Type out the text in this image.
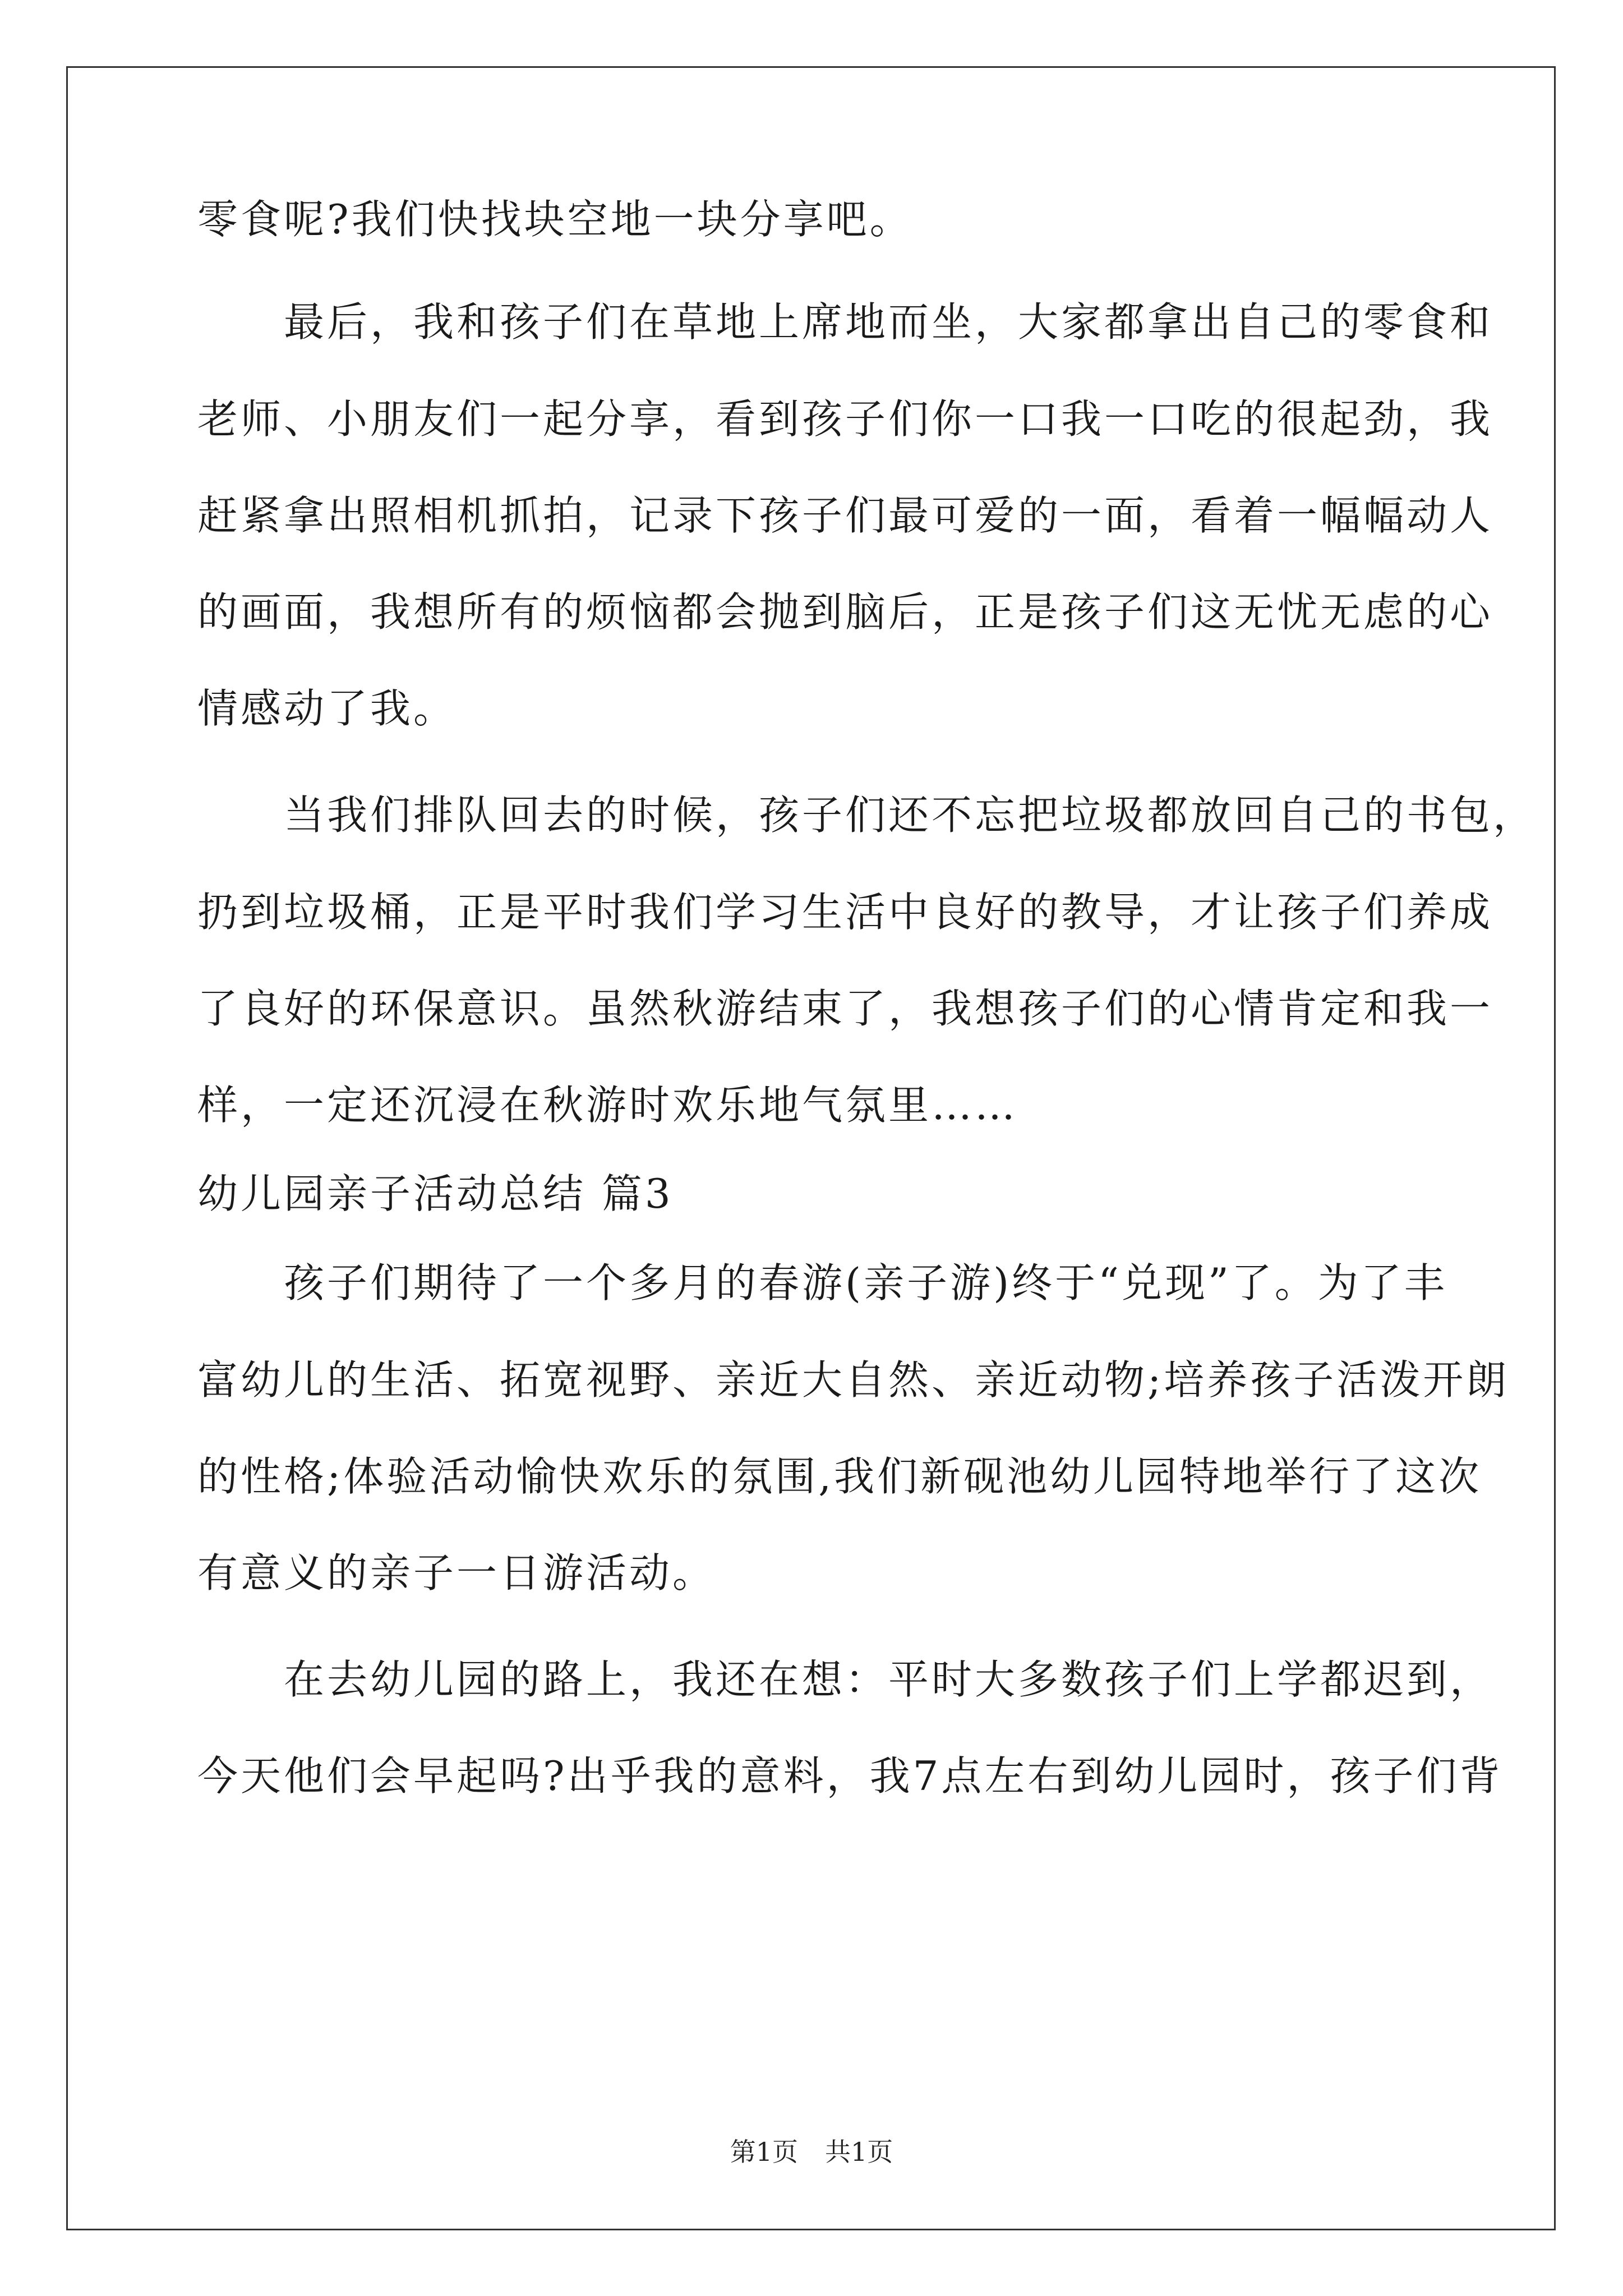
零食呢?我们快找块空地一块分享吧。
最后，我和孩子们在草地上席地而坐，大家都拿出自己的零食和
老师、小朋友们一起分享，看到孩子们你一口我一口吃的很起劲，我
赶紧拿出照相机抓拍，记录下孩子们最可爱的一面，看着一幅幅动人
的画面，我想所有的烦恼都会抛到脑后，正是孩子们这无忧无虑的心
情感动了我。
当我们排队回去的时候，孩子们还不忘把垃圾都放回自己的书包，
扔到垃圾桶，正是平时我们学习生活中良好的教导，才让孩子们养成
了良好的环保意识。虽然秋游结束了，我想孩子们的心情肯定和我一
样，一定还沉浸在秋游时欢乐地气氛里……
幼儿园亲子活动总结 篇3
孩子们期待了一个多月的春游(亲子游)终于“兑现”了。为了丰
富幼儿的生活、拓宽视野、亲近大自然、亲近动物;培养孩子活泼开朗
的性格;体验活动愉快欢乐的氛围,我们新砚池幼儿园特地举行了这次
有意义的亲子一日游活动。
在去幼儿园的路上，我还在想：平时大多数孩子们上学都迟到，
今天他们会早起吗?出乎我的意料，我7点左右到幼儿园时，孩子们背
第1页 共1页
